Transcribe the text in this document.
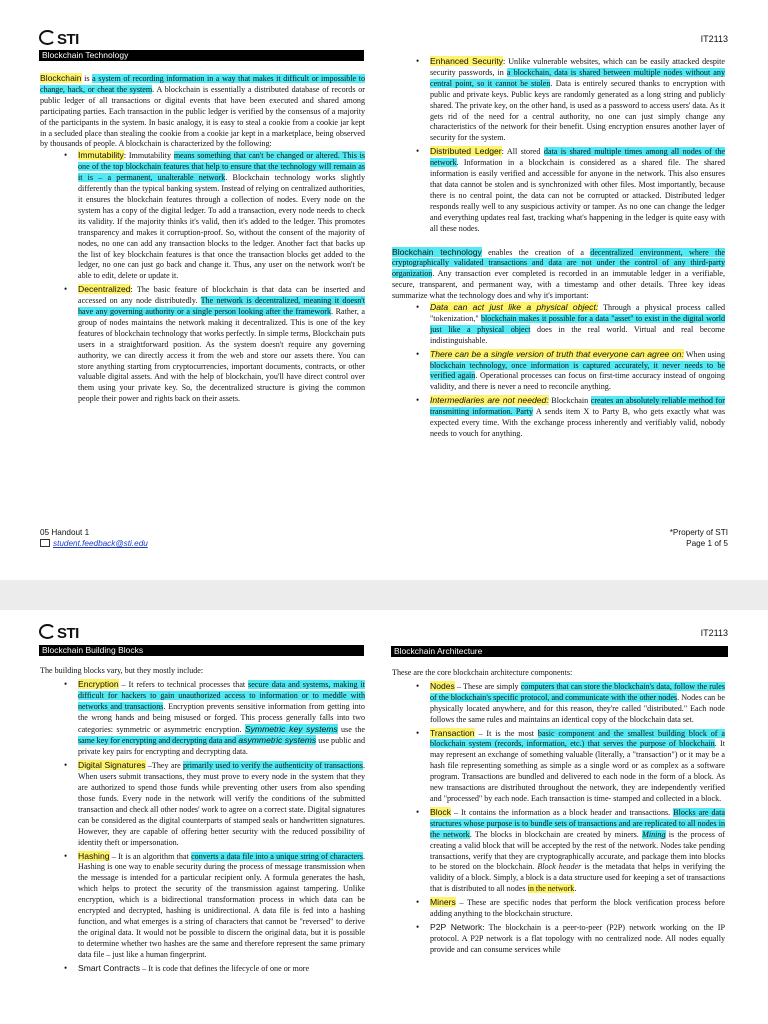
STI	IT2113
Blockchain Technology

Blockchain is a system of recording information in a way that makes it difficult or impossible to change, hack, or cheat the system. A blockchain is essentially a distributed database of records or public ledger of all transactions or digital events that have been executed and shared among participating parties. Each transaction in the public ledger is verified by the consensus of a majority of the participants in the system. In basic analogy, it is easy to steal a cookie from a cookie jar kept in a secluded place than stealing the cookie from a cookie jar kept in a marketplace, being observed by thousands of people. A blockchain is characterized by the following:

• Immutability: Immutability means something that can't be changed or altered. This is one of the top blockchain features that help to ensure that the technology will remain as it is – a permanent, unalterable network. Blockchain technology works slightly differently than the typical banking system. Instead of relying on centralized authorities, it ensures the blockchain features through a collection of nodes. Every node on the system has a copy of the digital ledger. To add a transaction, every node needs to check its validity. If the majority thinks it's valid, then it's added to the ledger. This promotes transparency and makes it corruption-proof. So, without the consent of the majority of nodes, no one can add any transaction blocks to the ledger. Another fact that backs up the list of key blockchain features is that once the transaction blocks get added to the ledger, no one can just go back and change it. Thus, any user on the network won't be able to edit, delete or update it.
• Decentralized: The basic feature of blockchain is that data can be inserted and accessed on any node distributedly. The network is decentralized, meaning it doesn't have any governing authority or a single person looking after the framework. Rather, a group of nodes maintains the network making it decentralized. This is one of the key features of blockchain technology that works perfectly. In simple terms, Blockchain puts users in a straightforward position. As the system doesn't require any governing authority, we can directly access it from the web and store our assets there. You can store anything starting from cryptocurrencies, important documents, contracts, or other valuable digital assets. And with the help of blockchain, you'll have direct control over them using your private key. So, the decentralized structure is giving the common people their power and rights back on their assets.
• Enhanced Security: Unlike vulnerable websites, which can be easily attacked despite security passwords, in a blockchain, data is shared between multiple nodes without any central point, so it cannot be stolen. Data is entirely secured thanks to encryption with public and private keys. Public keys are randomly generated as a long string and publicly shared. The private key, on the other hand, is used as a password to access users' data. As it gets rid of the need for a central authority, no one can just simply change any characteristics of the network for their benefit. Using encryption ensures another layer of security for the system.
• Distributed Ledger: All stored data is shared multiple times among all nodes of the network. Information in a blockchain is considered as a shared file. The shared information is easily verified and accessible for anyone in the network. This also ensures that data cannot be stolen and is synchronized with other files. Most importantly, because there is no central point, the data can not be corrupted or attacked. Distributed ledger responds really well to any suspicious activity or tamper. As no one can change the ledger and everything updates real fast, tracking what's happening in the ledger is quite easy with all these nodes.

Blockchain technology enables the creation of a decentralized environment, where the cryptographically validated transactions and data are not under the control of any third-party organization. Any transaction ever completed is recorded in an immutable ledger in a verifiable, secure, transparent, and permanent way, with a timestamp and other details. Three key ideas summarize what the technology does and why it's important:

• Data can act just like a physical object: Through a physical process called "tokenization," blockchain makes it possible for a data "asset" to exist in the digital world just like a physical object does in the real world. Virtual and real become indistinguishable.
• There can be a single version of truth that everyone can agree on: When using blockchain technology, once information is captured accurately, it never needs to be verified again. Operational processes can focus on first-time accuracy instead of ongoing validity, and there is never a need to reconcile anything.
• Intermediaries are not needed: Blockchain creates an absolutely reliable method for transmitting information. Party A sends item X to Party B, who gets exactly what was expected every time. With the exchange process inherently and verifiably valid, nobody needs to vouch for anything.
05 Handout 1
student.feedback@sti.edu
*Property of STI
Page 1 of 5
STI	IT2113
Blockchain Building Blocks	Blockchain Architecture

The building blocks vary, but they mostly include:

• Encryption – It refers to technical processes that secure data and systems, making it difficult for hackers to gain unauthorized access to information or to meddle with networks and transactions. Encryption prevents sensitive information from getting into the wrong hands and being misused or forged. This process generally falls into two categories: symmetric or asymmetric encryption. Symmetric key systems use the same key for encrypting and decrypting data and asymmetric systems use public and private key pairs for encrypting and decrypting data.
• Digital Signatures –They are primarily used to verify the authenticity of transactions. When users submit transactions, they must prove to every node in the system that they are authorized to spend those funds while preventing other users from also spending those funds. Every node in the network will verify the conditions of the submitted transaction and check all other nodes' work to agree on a correct state. Digital signatures can be considered as the digital counterparts of stamped seals or handwritten signatures. However, they are capable of offering better security with the reduced possibility of identity theft or impersonation.
• Hashing – It is an algorithm that converts a data file into a unique string of characters. Hashing is one way to enable security during the process of message transmission when the message is intended for a particular recipient only. A formula generates the hash, which helps to protect the security of the transmission against tampering. Unlike encryption, which is a bidirectional transformation process in which data can be encrypted and decrypted, hashing is unidirectional. A data file is fed into a hashing function, and what emerges is a string of characters that cannot be "reversed" to derive the original data. It would not be possible to discern the original data, but it is possible to determine whether two hashes are the same and therefore represent the same primary data file – just like a human fingerprint.
• Smart Contracts – It is code that defines the lifecycle of one or more

These are the core blockchain architecture components:

• Nodes – These are simply computers that can store the blockchain's data, follow the rules of the blockchain's specific protocol, and communicate with the other nodes. Nodes can be physically located anywhere, and for this reason, they're called "distributed." Each node follows the same rules and maintains an identical copy of the blockchain data set.
• Transaction – It is the most basic component and the smallest building block of a blockchain system (records, information, etc.) that serves the purpose of blockchain. It may represent an exchange of something valuable (literally, a "transaction") or it may be a hash file representing something as simple as a single word or as complex as a software program. Transactions are bundled and delivered to each node in the form of a block. As new transactions are distributed throughout the network, they are independently verified and "processed" by each node. Each transaction is time- stamped and collected in a block.
• Block – It contains the information as a block header and transactions. Blocks are data structures whose purpose is to bundle sets of transactions and are replicated to all nodes in the network. The blocks in blockchain are created by miners. Mining is the process of creating a valid block that will be accepted by the rest of the network. Nodes take pending transactions, verify that they are cryptographically accurate, and package them into blocks to be stored on the blockchain. Block header is the metadata that helps in verifying the validity of a block. Simply, a block is a data structure used for keeping a set of transactions that is distributed to all nodes in the network.
• Miners – These are specific nodes that perform the block verification process before adding anything to the blockchain structure.
• P2P Network: The blockchain is a peer-to-peer (P2P) network working on the IP protocol. A P2P network is a flat topology with no centralized node. All nodes equally provide and can consume services while
